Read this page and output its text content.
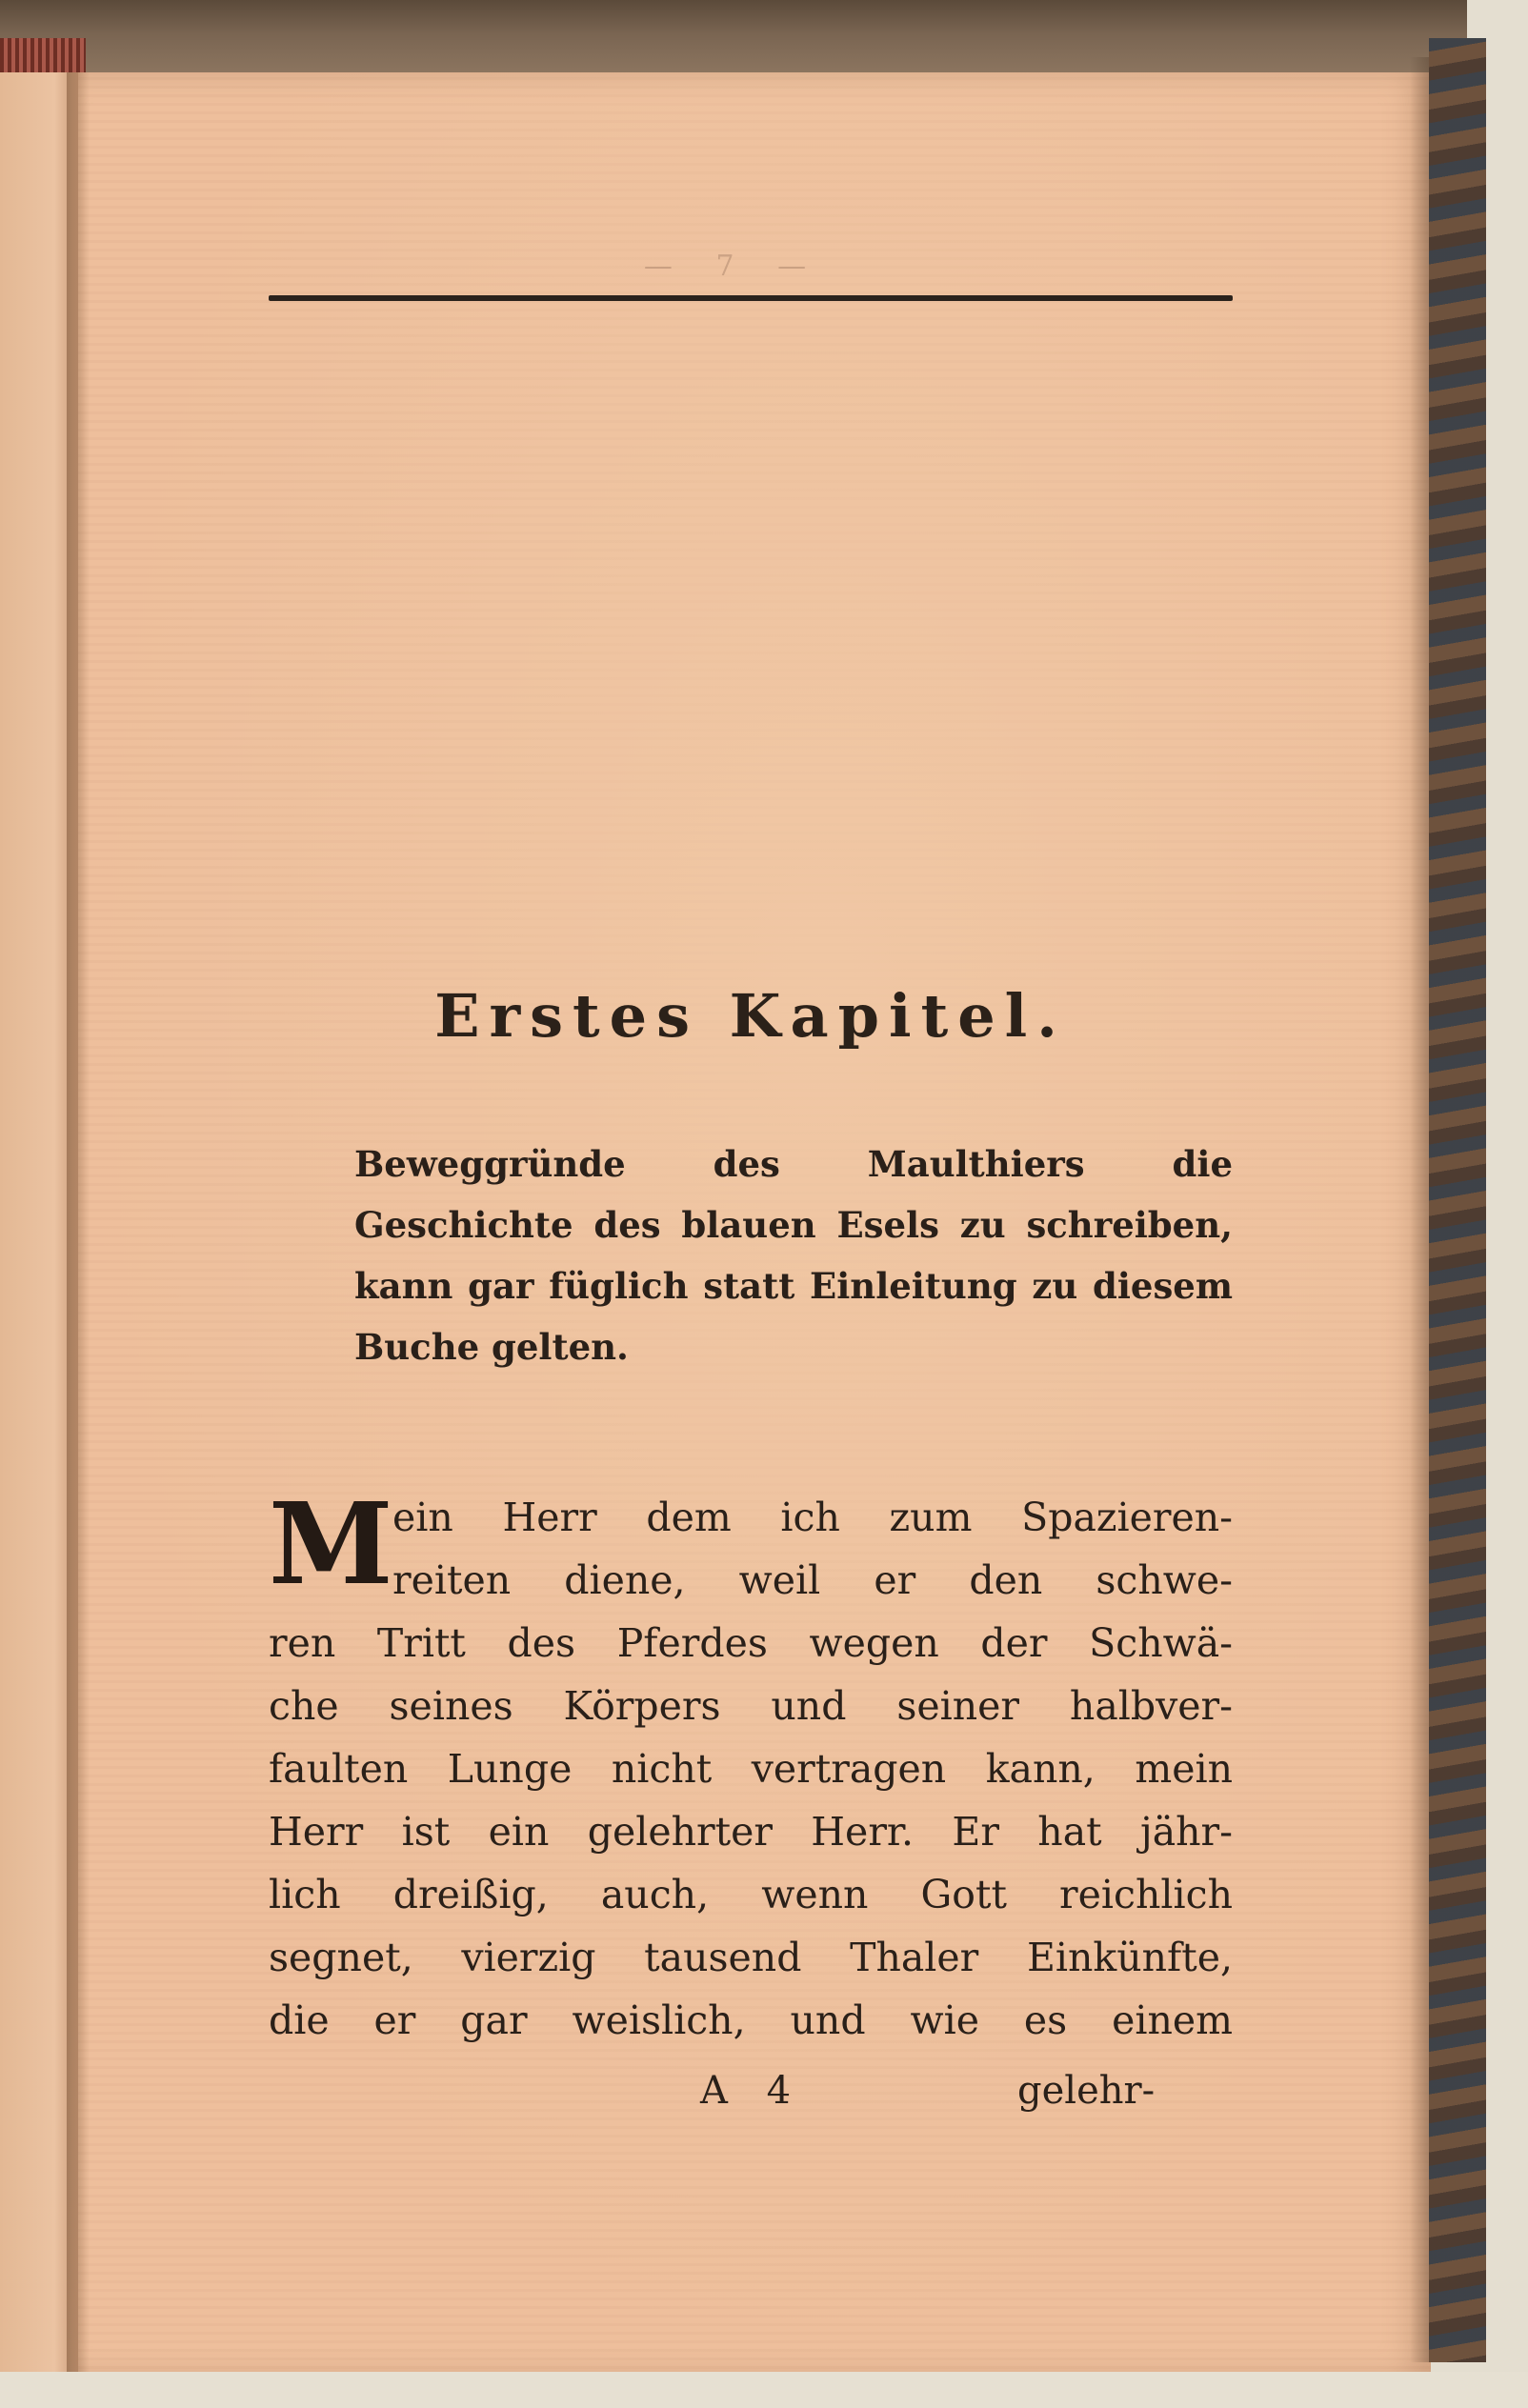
— 7 —
Erstes Kapitel.

Beweggründe des Maulthiers die Geschichte des blauen Esels zu schreiben, kann gar füglich statt Einleitung zu diesem Buche gelten.

M ein Herr dem ich zum Spazieren-
reiten diene, weil er den schwe-
ren Tritt des Pferdes wegen der Schwä-
che seines Körpers und seiner halbver-
faulten Lunge nicht vertragen kann, mein
Herr ist ein gelehrter Herr. Er hat jähr-
lich dreißig, auch, wenn Gott reichlich
segnet, vierzig tausend Thaler Einkünfte,
die er gar weislich, und wie es einem
A 4	gelehr-
